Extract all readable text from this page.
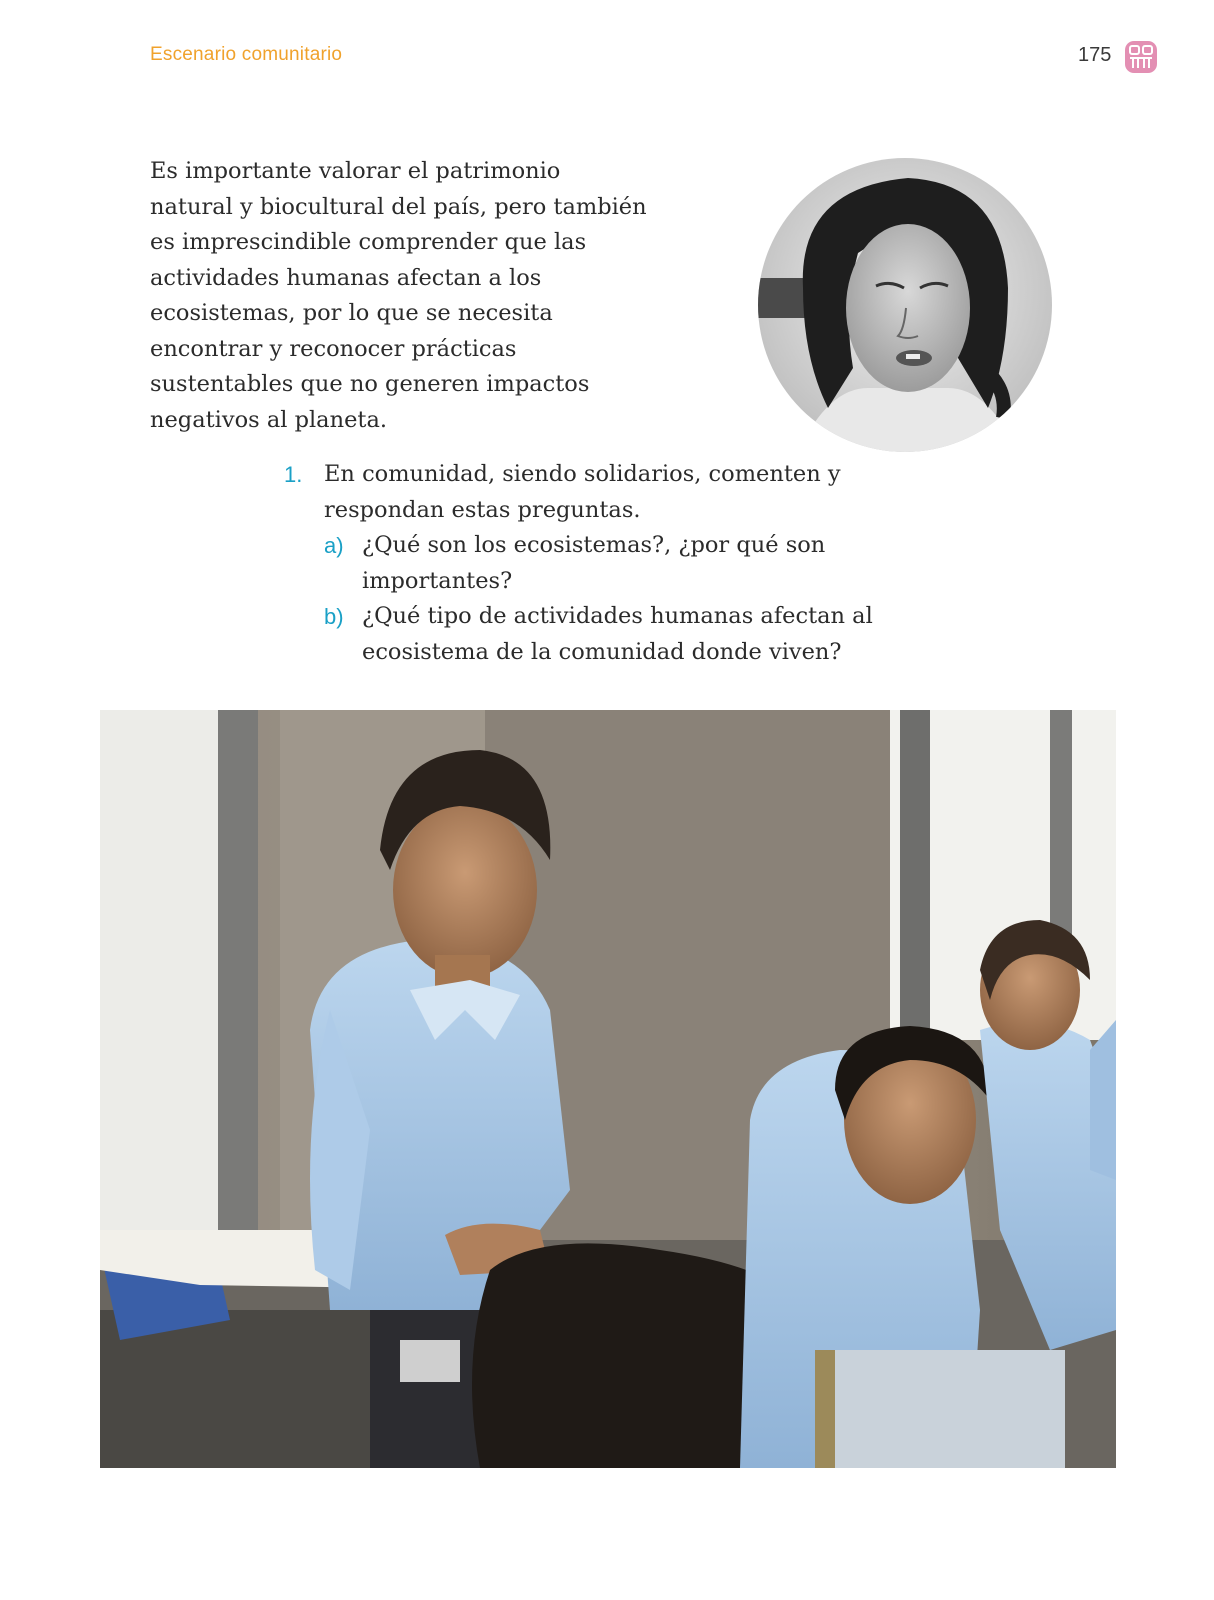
Escenario comunitario	175

Es importante valorar el patrimonio natural y biocultural del país, pero también es imprescindible comprender que las actividades humanas afectan a los ecosistemas, por lo que se necesita encontrar y reconocer prácticas sustentables que no generen impactos negativos al planeta.

1. En comunidad, siendo solidarios, comenten y respondan estas preguntas.
a) ¿Qué son los ecosistemas?, ¿por qué son importantes?
b) ¿Qué tipo de actividades humanas afectan al ecosistema de la comunidad donde viven?
